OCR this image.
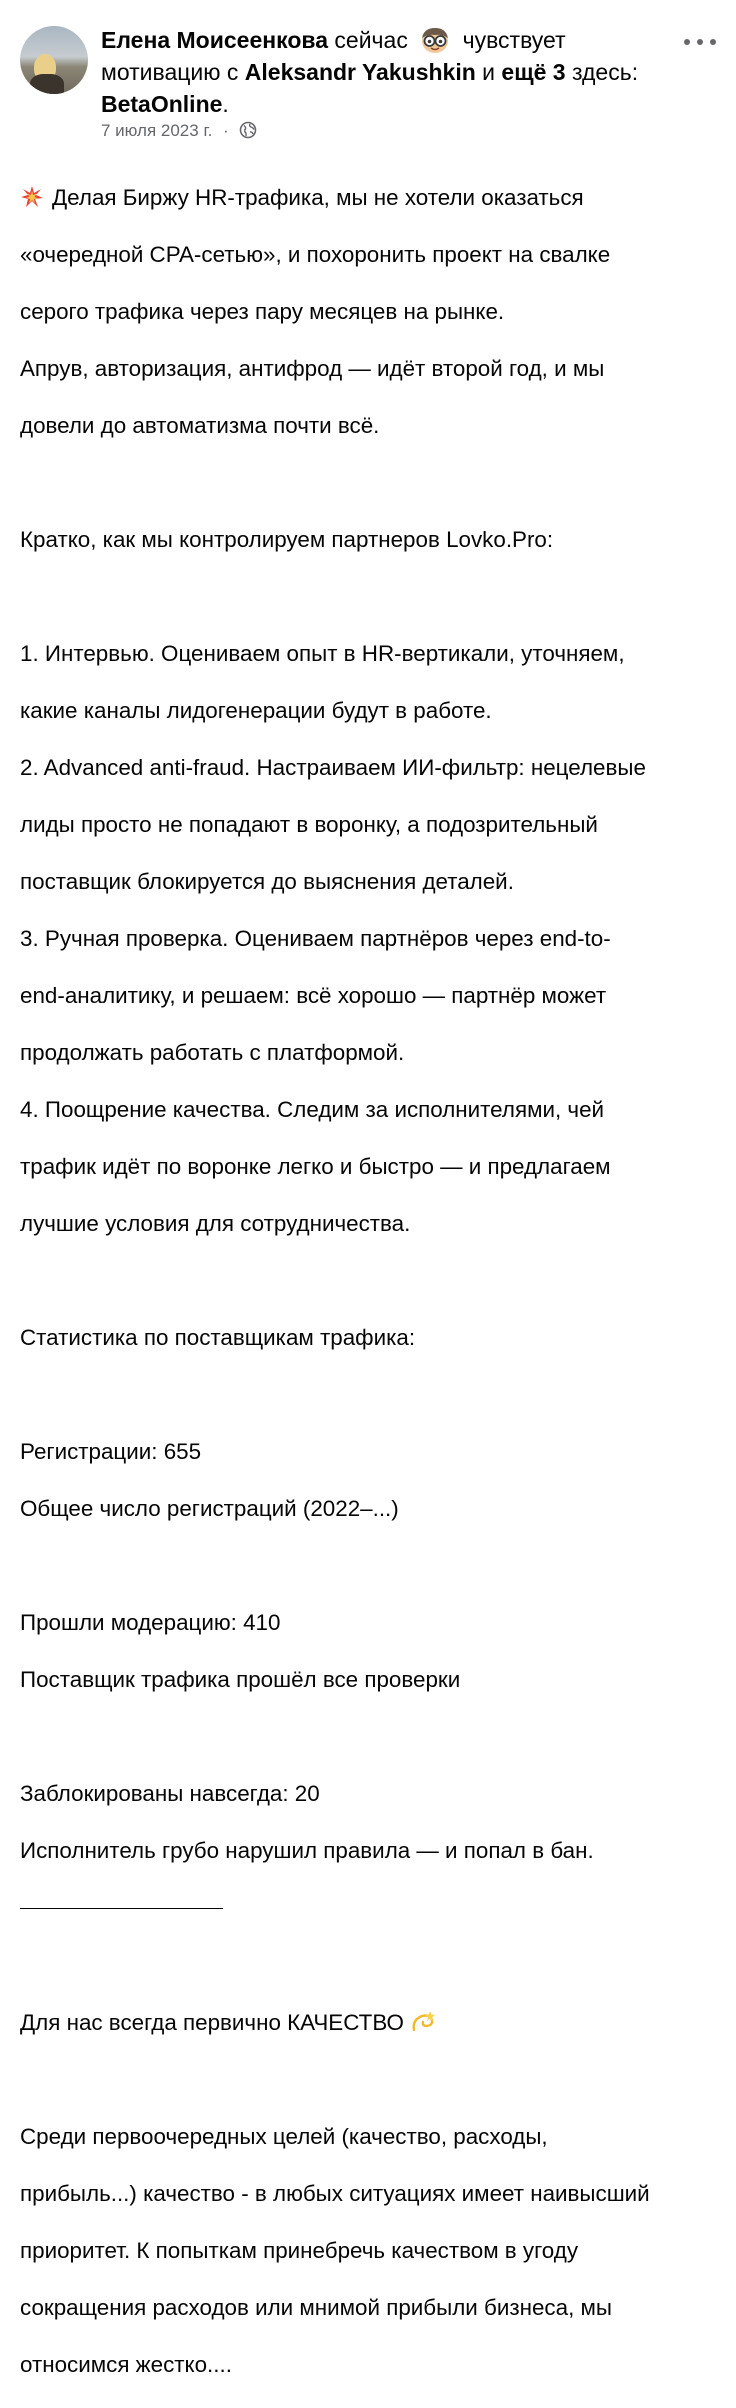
Елена Моисеенкова сейчас чувствует
мотивацию с Aleksandr Yakushkin и ещё 3 здесь:
BetaOnline.
7 июля 2023 г. ·

Делая Биржу HR-трафика, мы не хотели оказаться

«очередной CPA-сетью», и похоронить проект на свалке

серого трафика через пару месяцев на рынке.

Апрув, авторизация, антифрод — идёт второй год, и мы

довели до автоматизма почти всё.

Кратко, как мы контролируем партнеров Lovko.Pro:

1. Интервью. Оцениваем опыт в HR-вертикали, уточняем,

какие каналы лидогенерации будут в работе.

2. Advanced anti-fraud. Настраиваем ИИ-фильтр: нецелевые

лиды просто не попадают в воронку, а подозрительный

поставщик блокируется до выяснения деталей.

3. Ручная проверка. Оцениваем партнёров через end-to-

end-аналитику, и решаем: всё хорошо — партнёр может

продолжать работать с платформой.

4. Поощрение качества. Следим за исполнителями, чей

трафик идёт по воронке легко и быстро — и предлагаем

лучшие условия для сотрудничества.

Статистика по поставщикам трафика:

Регистрации: 655

Общее число регистраций (2022–...)

Прошли модерацию: 410

Поставщик трафика прошёл все проверки

Заблокированы навсегда: 20

Исполнитель грубо нарушил правила — и попал в бан.

Для нас всегда первично КАЧЕСТВО

Среди первоочередных целей (качество, расходы,

прибыль...) качество - в любых ситуациях имеет наивысший

приоритет. К попыткам принебречь качеством в угоду

сокращения расходов или мнимой прибыли бизнеса, мы

относимся жестко....
